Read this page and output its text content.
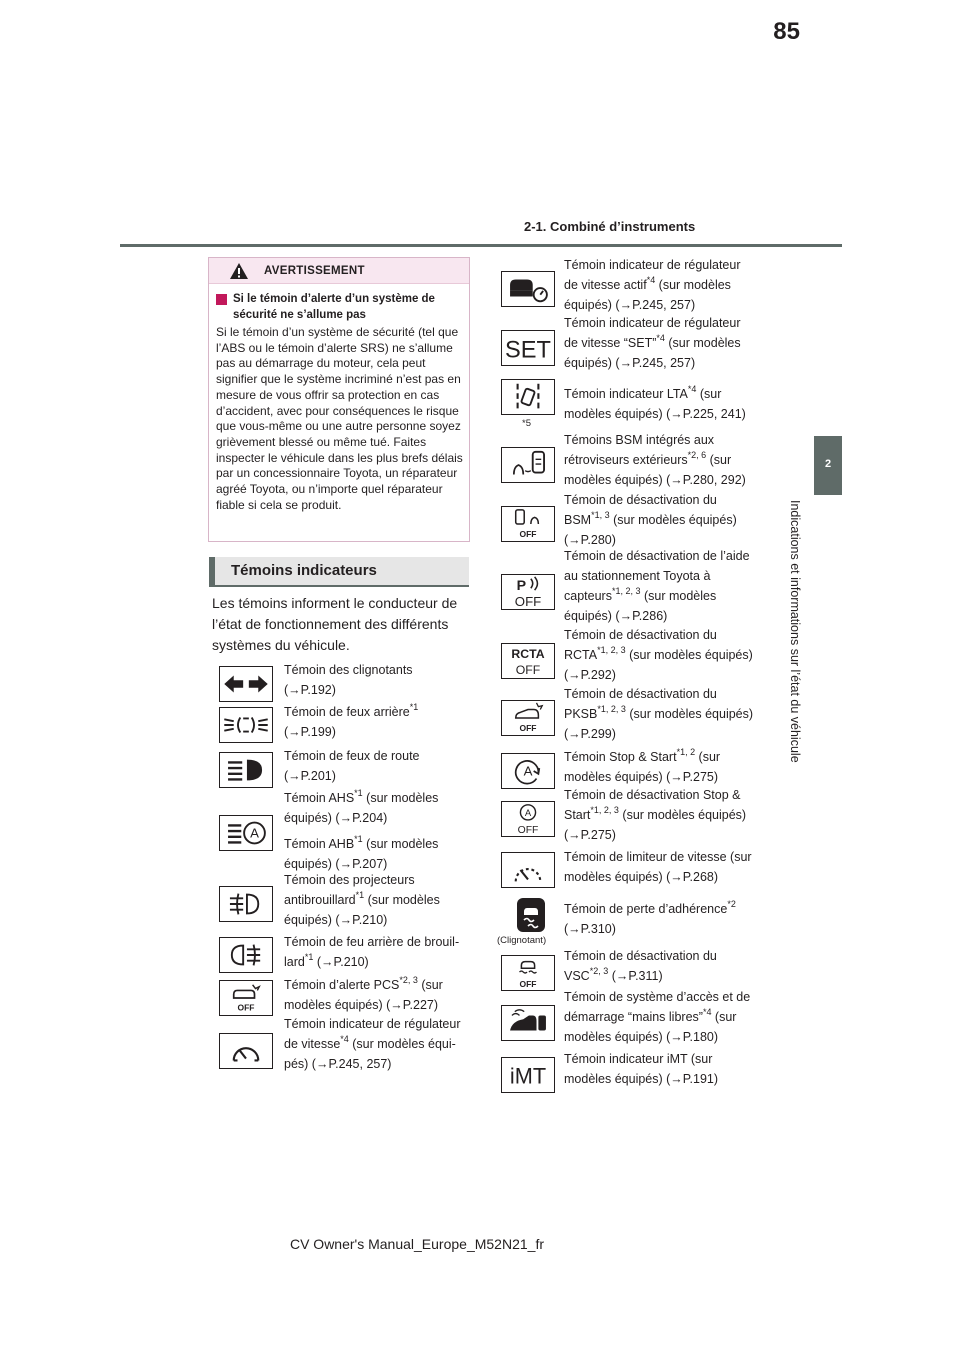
85
2-1. Combiné d’instruments
2
Indications et informations sur l’état du véhicule
AVERTISSEMENT
Si le témoin d’alerte d’un système de sécurité ne s’allume pas
Si le témoin d’un système de sécurité (tel que l’ABS ou le témoin d’alerte SRS) ne s’allume pas au démarrage du moteur, cela peut signifier que le système incriminé n’est pas en mesure de vous offrir sa protection en cas d’accident, avec pour conséquences le risque que vous-même ou une autre personne soyez grièvement blessé ou même tué. Faites inspecter le véhicule dans les plus brefs délais par un concessionnaire Toyota, un réparateur agréé Toyota, ou n’importe quel réparateur fiable si cela se produit.
Témoins indicateurs
Les témoins informent le conducteur de l’état de fonctionnement des différents systèmes du véhicule.
Témoin des clignotants (→P.192)
Témoin de feux arrière$^{*1}$ (→P.199)
Témoin de feux de route (→P.201)
A
Témoin AHS$^{*1}$ (sur modèles équipés) (→P.204)
Témoin AHB$^{*1}$ (sur modèles équipés) (→P.207)
Témoin des projecteurs antibrouillard$^{*1}$ (sur modèles équipés) (→P.210)
Témoin de feu arrière de brouillard$^{*1}$ (→P.210)
OFF
Témoin d’alerte PCS$^{*2, 3}$ (sur modèles équipés) (→P.227)
Témoin indicateur de régulateur de vitesse$^{*4}$ (sur modèles équipés) (→P.245, 257)
Témoin indicateur de régulateur de vitesse actif$^{*4}$ (sur modèles équipés) (→P.245, 257)
SET
Témoin indicateur de régulateur de vitesse “SET”$^{*4}$ (sur modèles équipés) (→P.245, 257)
*5
Témoin indicateur LTA$^{*4}$ (sur modèles équipés) (→P.225, 241)
Témoins BSM intégrés aux rétroviseurs extérieurs$^{*2, 6}$ (sur modèles équipés) (→P.280, 292)
OFF
Témoin de désactivation du BSM$^{*1, 3}$ (sur modèles équipés) (→P.280)
P
OFF
Témoin de désactivation de l’aide au stationnement Toyota à capteurs$^{*1, 2, 3}$ (sur modèles équipés) (→P.286)
RCTA
OFF
Témoin de désactivation du RCTA$^{*1, 2, 3}$ (sur modèles équipés) (→P.292)
OFF
Témoin de désactivation du PKSB$^{*1, 2, 3}$ (sur modèles équipés) (→P.299)
A
Témoin Stop & Start$^{*1, 2}$ (sur modèles équipés) (→P.275)
A
OFF
Témoin de désactivation Stop & Start$^{*1, 2, 3}$ (sur modèles équipés) (→P.275)
Témoin de limiteur de vitesse (sur modèles équipés) (→P.268)
(Clignotant)
Témoin de perte d’adhérence$^{*2}$ (→P.310)
OFF
Témoin de désactivation du VSC$^{*2, 3}$ (→P.311)
Témoin de système d’accès et de démarrage “mains libres”$^{*4}$ (sur modèles équipés) (→P.180)
iMT
Témoin indicateur iMT (sur modèles équipés) (→P.191)
CV Owner's Manual_Europe_M52N21_fr
